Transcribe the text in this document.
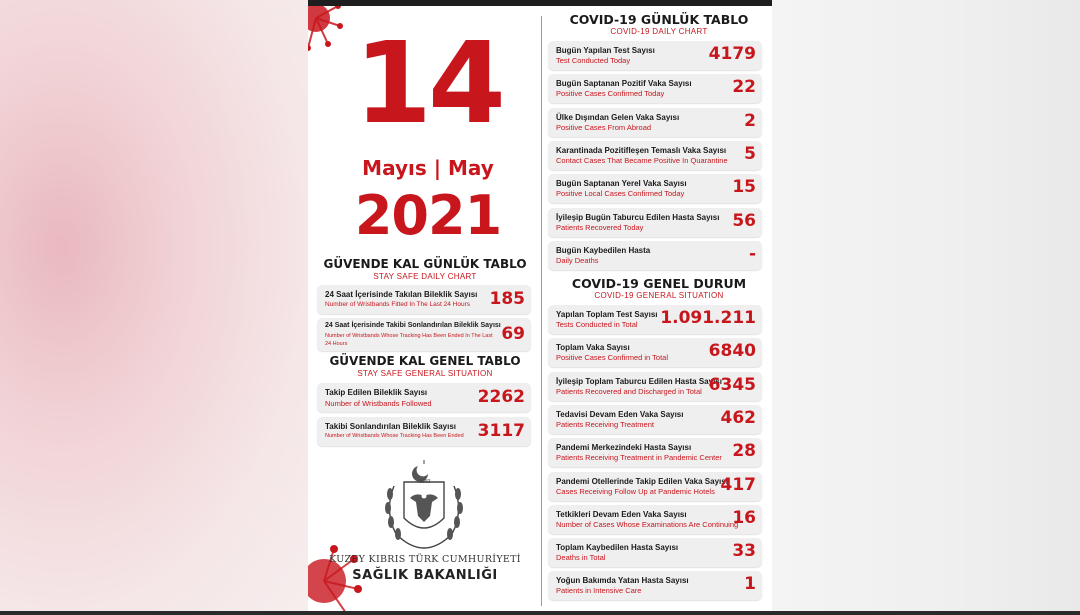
14
Mayıs | May
2021
GÜVENDE KAL GÜNLÜK TABLO
STAY SAFE DAILY CHART
24 Saat İçerisinde Takılan Bileklik Sayısı
Number of Wristbands Fitted In The Last 24 Hours 185
24 Saat İçerisinde Takibi Sonlandırılan Bileklik Sayısı
Number of Wristbands Whose Tracking Has Been Ended In The Last 24 Hours	69
GÜVENDE KAL GENEL TABLO
STAY SAFE GENERAL SITUATION
Takip Edilen Bileklik Sayısı
Number of Wristbands Followed	2262
Takibi Sonlandırılan Bileklik Sayısı
Number of Wristbands Whose Tracking Has Been Ended 3117
1983
KUZEY KIBRIS TÜRK CUMHURİYETİ
SAĞLIK BAKANLIĞI
COVID-19 GÜNLÜK TABLO
COVID-19 DAILY CHART
Bugün Yapılan Test Sayısı
Test Conducted Today	4179
Bugün Saptanan Pozitif Vaka Sayısı
Positive Cases Confirmed Today	22
Ülke Dışından Gelen Vaka Sayısı
Positive Cases From Abroad	2
Karantinada Pozitifleşen Temaslı Vaka Sayısı
Contact Cases That Became Positive In Quarantine 5
Bugün Saptanan Yerel Vaka Sayısı
Positive Local Cases Confirmed Today	15
İyileşip Bugün Taburcu Edilen Hasta Sayısı
Patients Recovered Today	56
Bugün Kaybedilen Hasta
Daily Deaths	-
COVID-19 GENEL DURUM
COVID-19 GENERAL SITUATION
Yapılan Toplam Test Sayısı
Tests Conducted in Total 1.091.211
Toplam Vaka Sayısı
Positive Cases Confirmed in Total 6840
İyileşip Toplam Taburcu Edilen Hasta Sayısı
Patients Recovered and Discharged in Total 6345
Tedavisi Devam Eden Vaka Sayısı
Patients Receiving Treatment	462
Pandemi Merkezindeki Hasta Sayısı
Patients Receiving Treatment in Pandemic Center 28
Pandemi Otellerinde Takip Edilen Vaka Sayısı
Cases Receiving Follow Up at Pandemic Hotels 417
Tetkikleri Devam Eden Vaka Sayısı
Number of Cases Whose Examinations Are Continuing
16
Toplam Kaybedilen Hasta Sayısı
Deaths in Total	33
Yoğun Bakımda Yatan Hasta Sayısı
Patients in Intensive Care	1
